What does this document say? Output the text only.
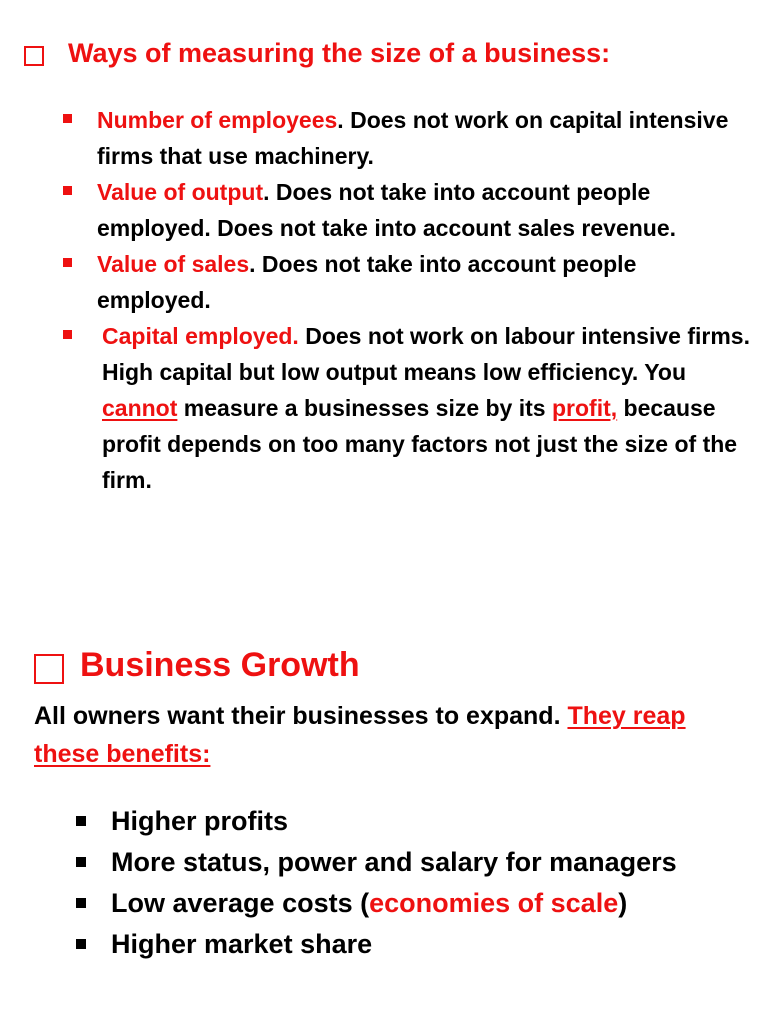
Ways of measuring the size of a business:
Number of employees. Does not work on capital intensive firms that use machinery.
Value of output. Does not take into account people employed. Does not take into account sales revenue.
Value of sales. Does not take into account people employed.
Capital employed. Does not work on labour intensive firms. High capital but low output means low efficiency. You cannot measure a businesses size by its profit, because profit depends on too many factors not just the size of the firm.
Business Growth
All owners want their businesses to expand. They reap these benefits:
Higher profits
More status, power and salary for managers
Low average costs (economies of scale)
Higher market share
